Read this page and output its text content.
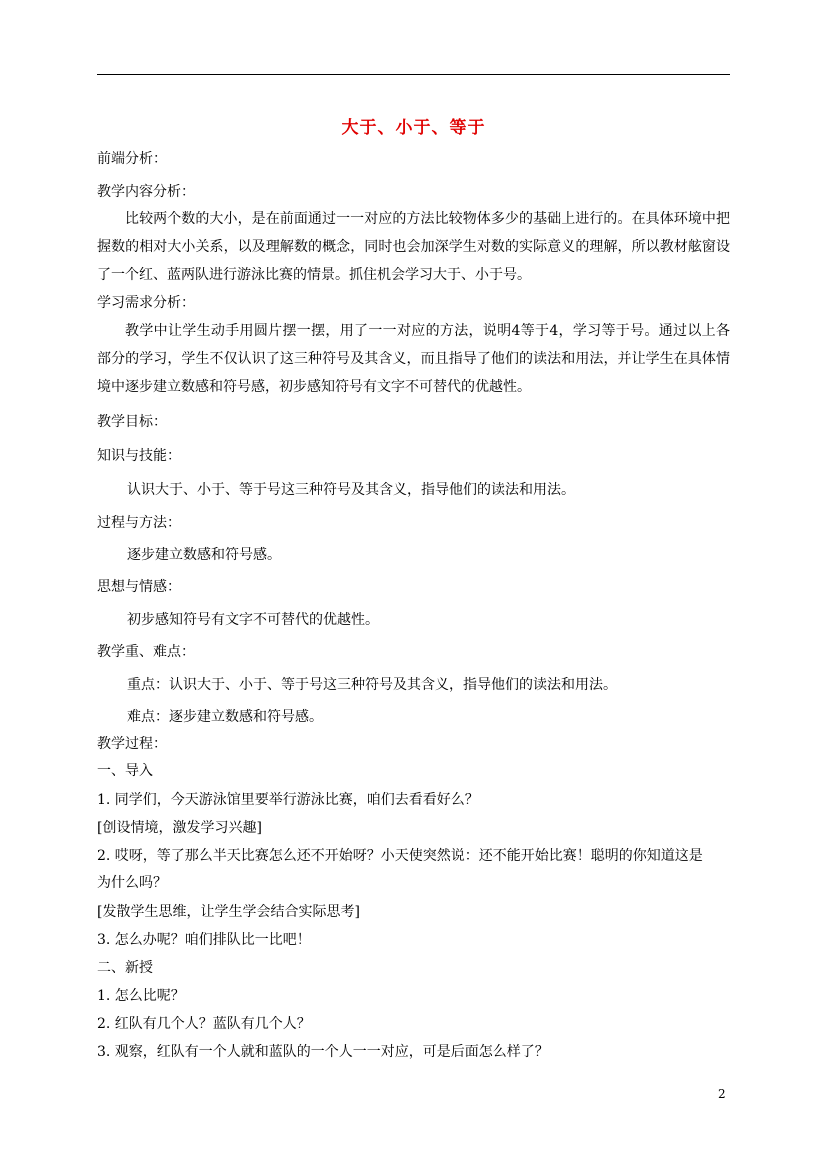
大于、小于、等于
前端分析：
教学内容分析：
比较两个数的大小，是在前面通过一一对应的方法比较物体多少的基础上进行的。在具体环境中把握数的相对大小关系，以及理解数的概念，同时也会加深学生对数的实际意义的理解，所以教材舷窗设了一个红、蓝两队进行游泳比赛的情景。抓住机会学习大于、小于号。
学习需求分析：
教学中让学生动手用圆片摆一摆，用了一一对应的方法，说明4等于4，学习等于号。通过以上各部分的学习，学生不仅认识了这三种符号及其含义，而且指导了他们的读法和用法，并让学生在具体情境中逐步建立数感和符号感，初步感知符号有文字不可替代的优越性。
教学目标：
知识与技能：
认识大于、小于、等于号这三种符号及其含义，指导他们的读法和用法。
过程与方法：
逐步建立数感和符号感。
思想与情感：
初步感知符号有文字不可替代的优越性。
教学重、难点：
重点：认识大于、小于、等于号这三种符号及其含义，指导他们的读法和用法。
难点：逐步建立数感和符号感。
教学过程：
一、导入
1. 同学们，今天游泳馆里要举行游泳比赛，咱们去看看好么？
[创设情境，激发学习兴趣]
2. 哎呀，等了那么半天比赛怎么还不开始呀？小天使突然说：还不能开始比赛！聪明的你知道这是
为什么吗？
[发散学生思维，让学生学会结合实际思考]
3. 怎么办呢？咱们排队比一比吧！
二、新授
1. 怎么比呢？
2. 红队有几个人？蓝队有几个人？
3. 观察，红队有一个人就和蓝队的一个人一一对应，可是后面怎么样了？
2
